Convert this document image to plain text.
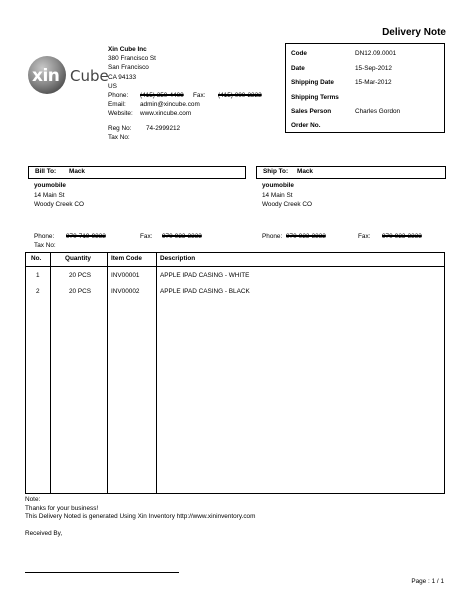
Delivery Note
xin Cube
Xin Cube Inc
380 Francisco St
San Francisco
CA 94133
US
Phone:	(415) 350-4400	Fax:	(415) 000-2222
Email:	admin@xincube.com
Website:	www.xincube.com
Reg No:	74-2999212
Tax No:
Code	DN12.09.0001
Date	15-Sep-2012
Shipping Date	15-Mar-2012
Shipping Terms
Sales Person	Charles Gordon
Order No.
Bill To:	Mack
youmobile
14 Main St
Woody Creek CO
Ship To:	Mack
youmobile
14 Main St
Woody Creek CO
Phone: 970-719-9332	Fax: 970-923-3333
Tax No:
Phone: 970-923-3332	Fax: 970-923-3333
No.	Quantity	Item Code	Description
1	20 PCS	INV00001	APPLE IPAD CASING - WHITE
2	20 PCS	INV00002	APPLE IPAD CASING - BLACK
Note:
Thanks for your business!
This Delivery Noted is generated Using Xin Inventory http://www.xininventory.com
Received By,
Page : 1 / 1
